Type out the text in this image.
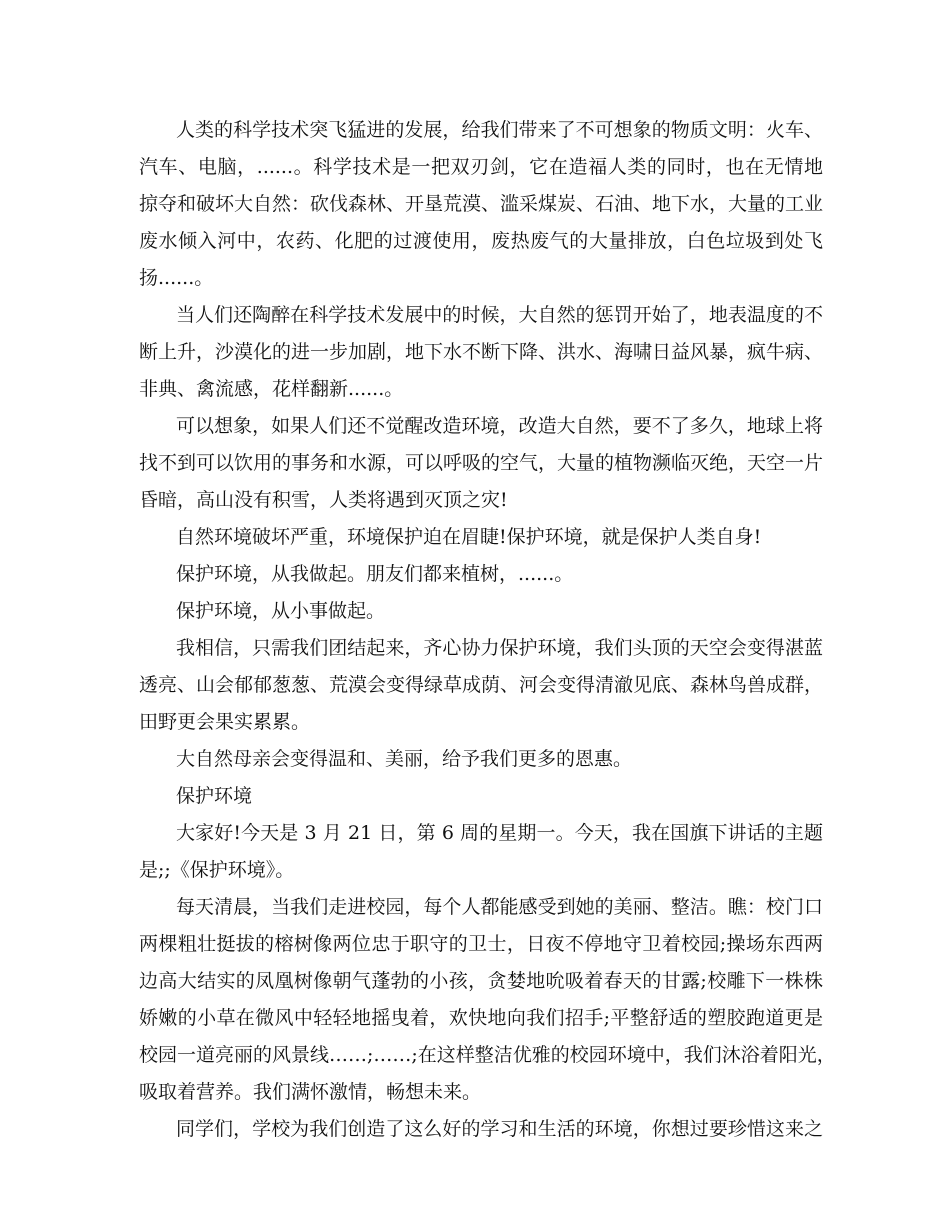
人类的科学技术突飞猛进的发展，给我们带来了不可想象的物质文明：火车、
汽车、电脑，......。科学技术是一把双刃剑，它在造福人类的同时，也在无情地
掠夺和破坏大自然：砍伐森林、开垦荒漠、滥采煤炭、石油、地下水，大量的工业
废水倾入河中，农药、化肥的过渡使用，废热废气的大量排放，白色垃圾到处飞
扬......。
当人们还陶醉在科学技术发展中的时候，大自然的惩罚开始了，地表温度的不
断上升，沙漠化的进一步加剧，地下水不断下降、洪水、海啸日益风暴，疯牛病、
非典、禽流感，花样翻新......。
可以想象，如果人们还不觉醒改造环境，改造大自然，要不了多久，地球上将
找不到可以饮用的事务和水源，可以呼吸的空气，大量的植物濒临灭绝，天空一片
昏暗，高山没有积雪，人类将遇到灭顶之灾!
自然环境破坏严重，环境保护迫在眉睫!保护环境，就是保护人类自身!
保护环境，从我做起。朋友们都来植树，......。
保护环境，从小事做起。
我相信，只需我们团结起来，齐心协力保护环境，我们头顶的天空会变得湛蓝
透亮、山会郁郁葱葱、荒漠会变得绿草成荫、河会变得清澈见底、森林鸟兽成群，
田野更会果实累累。
大自然母亲会变得温和、美丽，给予我们更多的恩惠。
保护环境
大家好!今天是 3 月 21 日，第 6 周的星期一。今天，我在国旗下讲话的主题
是;;《保护环境》。
每天清晨，当我们走进校园，每个人都能感受到她的美丽、整洁。瞧：校门口
两棵粗壮挺拔的榕树像两位忠于职守的卫士，日夜不停地守卫着校园;操场东西两
边高大结实的凤凰树像朝气蓬勃的小孩，贪婪地吮吸着春天的甘露;校雕下一株株
娇嫩的小草在微风中轻轻地摇曳着，欢快地向我们招手;平整舒适的塑胶跑道更是
校园一道亮丽的风景线……;……;在这样整洁优雅的校园环境中，我们沐浴着阳光，
吸取着营养。我们满怀激情，畅想未来。
同学们，学校为我们创造了这么好的学习和生活的环境，你想过要珍惜这来之
